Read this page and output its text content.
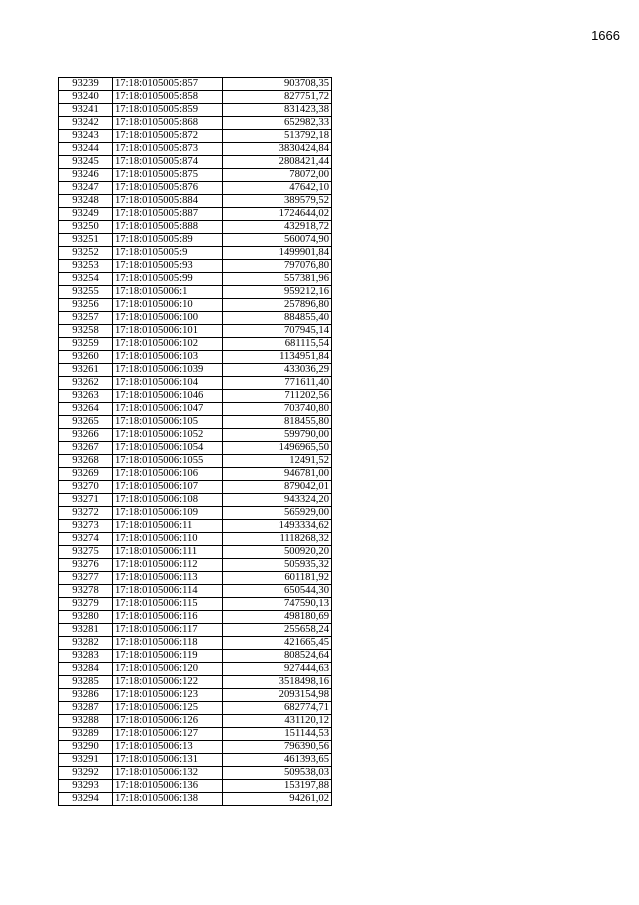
1666
93239	17:18:0105005:857	903708,35
93240	17:18:0105005:858	827751,72
93241	17:18:0105005:859	831423,38
93242	17:18:0105005:868	652982,33
93243	17:18:0105005:872	513792,18
93244	17:18:0105005:873	3830424,84
93245	17:18:0105005:874	2808421,44
93246	17:18:0105005:875	78072,00
93247	17:18:0105005:876	47642,10
93248	17:18:0105005:884	389579,52
93249	17:18:0105005:887	1724644,02
93250	17:18:0105005:888	432918,72
93251	17:18:0105005:89	560074,90
93252	17:18:0105005:9	1499901,84
93253	17:18:0105005:93	797076,80
93254	17:18:0105005:99	557381,96
93255	17:18:0105006:1	959212,16
93256	17:18:0105006:10	257896,80
93257	17:18:0105006:100	884855,40
93258	17:18:0105006:101	707945,14
93259	17:18:0105006:102	681115,54
93260	17:18:0105006:103	1134951,84
93261	17:18:0105006:1039	433036,29
93262	17:18:0105006:104	771611,40
93263	17:18:0105006:1046	711202,56
93264	17:18:0105006:1047	703740,80
93265	17:18:0105006:105	818455,80
93266	17:18:0105006:1052	599790,00
93267	17:18:0105006:1054	1496965,50
93268	17:18:0105006:1055	12491,52
93269	17:18:0105006:106	946781,00
93270	17:18:0105006:107	879042,01
93271	17:18:0105006:108	943324,20
93272	17:18:0105006:109	565929,00
93273	17:18:0105006:11	1493334,62
93274	17:18:0105006:110	1118268,32
93275	17:18:0105006:111	500920,20
93276	17:18:0105006:112	505935,32
93277	17:18:0105006:113	601181,92
93278	17:18:0105006:114	650544,30
93279	17:18:0105006:115	747590,13
93280	17:18:0105006:116	498180,69
93281	17:18:0105006:117	255658,24
93282	17:18:0105006:118	421665,45
93283	17:18:0105006:119	808524,64
93284	17:18:0105006:120	927444,63
93285	17:18:0105006:122	3518498,16
93286	17:18:0105006:123	2093154,98
93287	17:18:0105006:125	682774,71
93288	17:18:0105006:126	431120,12
93289	17:18:0105006:127	151144,53
93290	17:18:0105006:13	796390,56
93291	17:18:0105006:131	461393,65
93292	17:18:0105006:132	509538,03
93293	17:18:0105006:136	153197,88
93294	17:18:0105006:138	94261,02
